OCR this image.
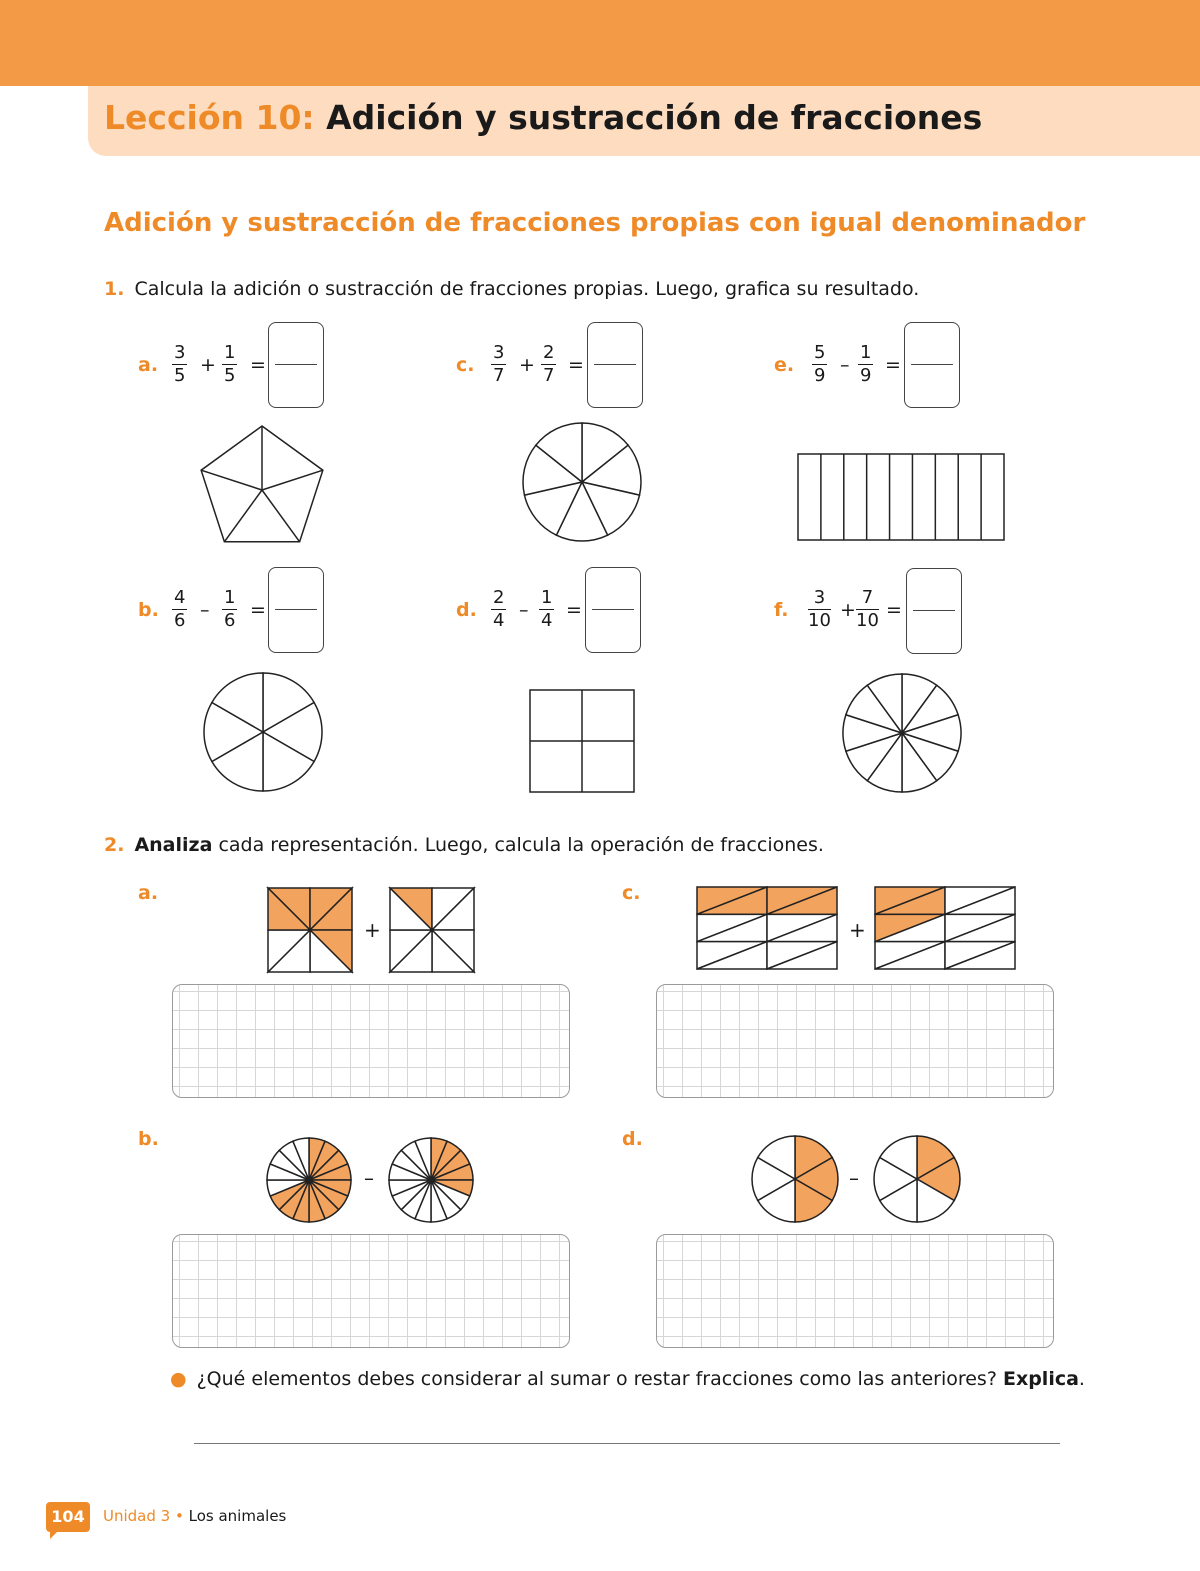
Lección 10: Adición y sustracción de fracciones
Adición y sustracción de fracciones propias con igual denominador
1. Calcula la adición o sustracción de fracciones propias. Luego, grafica su resultado.
a. $\frac{3}{5} + \frac{1}{5}$ =	c. $\frac{3}{7} + \frac{2}{7}$ =	e. $\frac{5}{9} - \frac{1}{9}$ =
b. $\frac{4}{6} - \frac{1}{6}$ =	d. $\frac{2}{4} - \frac{1}{4}$ =	f. $\frac{3}{10} + \frac{7}{10}$ =
2. Analiza cada representación. Luego, calcula la operación de fracciones.
a.
+
c.
+
b.
–
d.
–
● ¿Qué elementos debes considerar al sumar o restar fracciones como las anteriores? Explica.
104	Unidad 3 • Los animales
